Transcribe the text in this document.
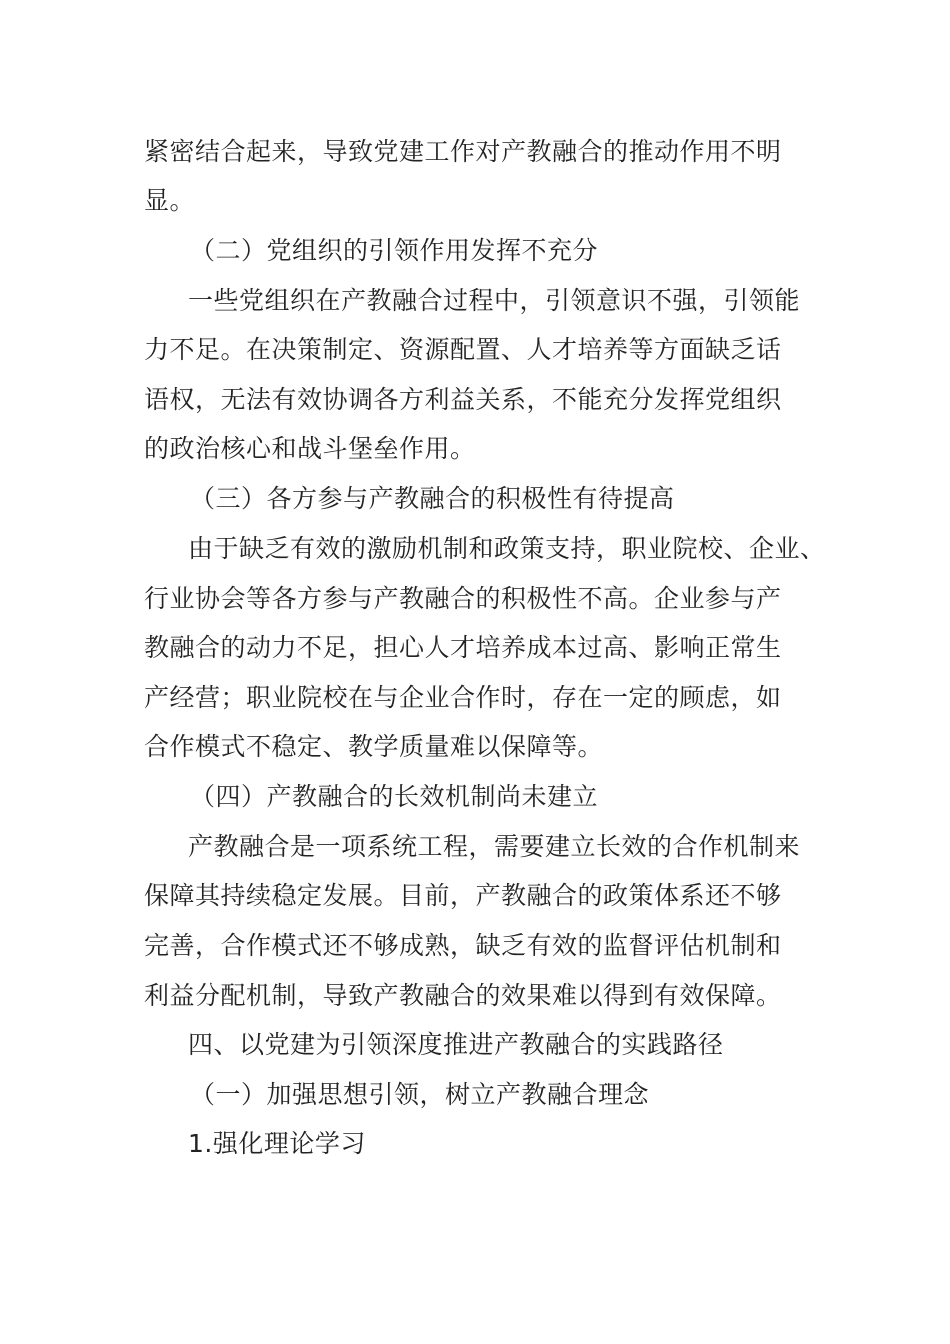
紧密结合起来，导致党建工作对产教融合的推动作用不明
显。
（二）党组织的引领作用发挥不充分
一些党组织在产教融合过程中，引领意识不强，引领能
力不足。在决策制定、资源配置、人才培养等方面缺乏话
语权，无法有效协调各方利益关系，不能充分发挥党组织
的政治核心和战斗堡垒作用。
（三）各方参与产教融合的积极性有待提高
由于缺乏有效的激励机制和政策支持，职业院校、企业、
行业协会等各方参与产教融合的积极性不高。企业参与产
教融合的动力不足，担心人才培养成本过高、影响正常生
产经营；职业院校在与企业合作时，存在一定的顾虑，如
合作模式不稳定、教学质量难以保障等。
（四）产教融合的长效机制尚未建立
产教融合是一项系统工程，需要建立长效的合作机制来
保障其持续稳定发展。目前，产教融合的政策体系还不够
完善，合作模式还不够成熟，缺乏有效的监督评估机制和
利益分配机制，导致产教融合的效果难以得到有效保障。
四、以党建为引领深度推进产教融合的实践路径
（一）加强思想引领，树立产教融合理念
1.强化理论学习
